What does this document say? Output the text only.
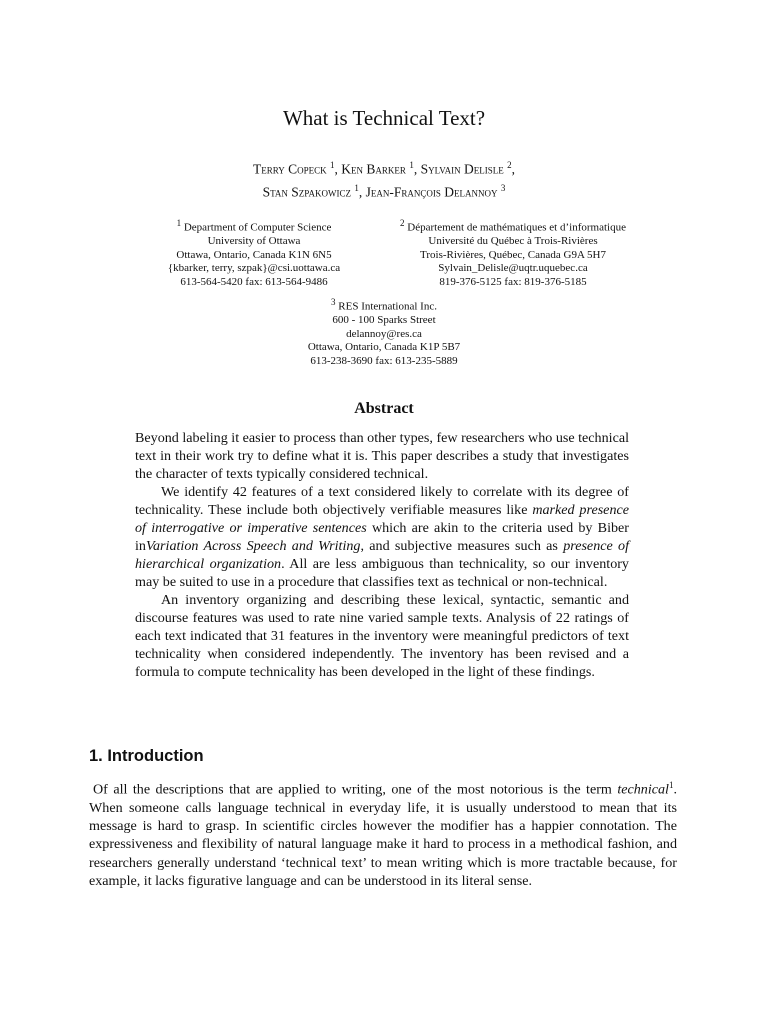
What is Technical Text?
Terry Copeck $^1$, Ken Barker $^1$, Sylvain Delisle $^2$,
Stan Szpakowicz $^1$, Jean-François Delannoy $^3$
$^1$ Department of Computer Science
University of Ottawa
Ottawa, Ontario, Canada K1N 6N5
{kbarker, terry, szpak}@csi.uottawa.ca
613-564-5420 fax: 613-564-9486
$^2$ Département de mathématiques et d’informatique
Université du Québec à Trois-Rivières
Trois-Rivières, Québec, Canada G9A 5H7
Sylvain_Delisle@uqtr.uquebec.ca
819-376-5125 fax: 819-376-5185
$^3$ RES International Inc.
600 - 100 Sparks Street
delannoy@res.ca
Ottawa, Ontario, Canada K1P 5B7
613-238-3690 fax: 613-235-5889
Abstract

Beyond labeling it easier to process than other types, few researchers who use technical text in their work try to define what it is. This paper describes a study that investigates the character of texts typically considered technical.

We identify 42 features of a text considered likely to correlate with its degree of technicality. These include both objectively verifiable measures like marked presence of interrogative or imperative sentences which are akin to the criteria used by Biber inVariation Across Speech and Writing, and subjective measures such as presence of hierarchical organization. All are less ambiguous than technicality, so our inventory may be suited to use in a procedure that classifies text as technical or non-technical.

An inventory organizing and describing these lexical, syntactic, semantic and discourse features was used to rate nine varied sample texts. Analysis of 22 ratings of each text indicated that 31 features in the inventory were meaningful predictors of text technicality when considered independently. The inventory has been revised and a formula to compute technicality has been developed in the light of these findings.

1. Introduction

Of all the descriptions that are applied to writing, one of the most notorious is the term technical$^1$. When someone calls language technical in everyday life, it is usually understood to mean that its message is hard to grasp. In scientific circles however the modifier has a happier connotation. The expressiveness and flexibility of natural language make it hard to process in a methodical fashion, and researchers generally understand ‘technical text’ to mean writing which is more tractable because, for example, it lacks figurative language and can be understood in its literal sense.
